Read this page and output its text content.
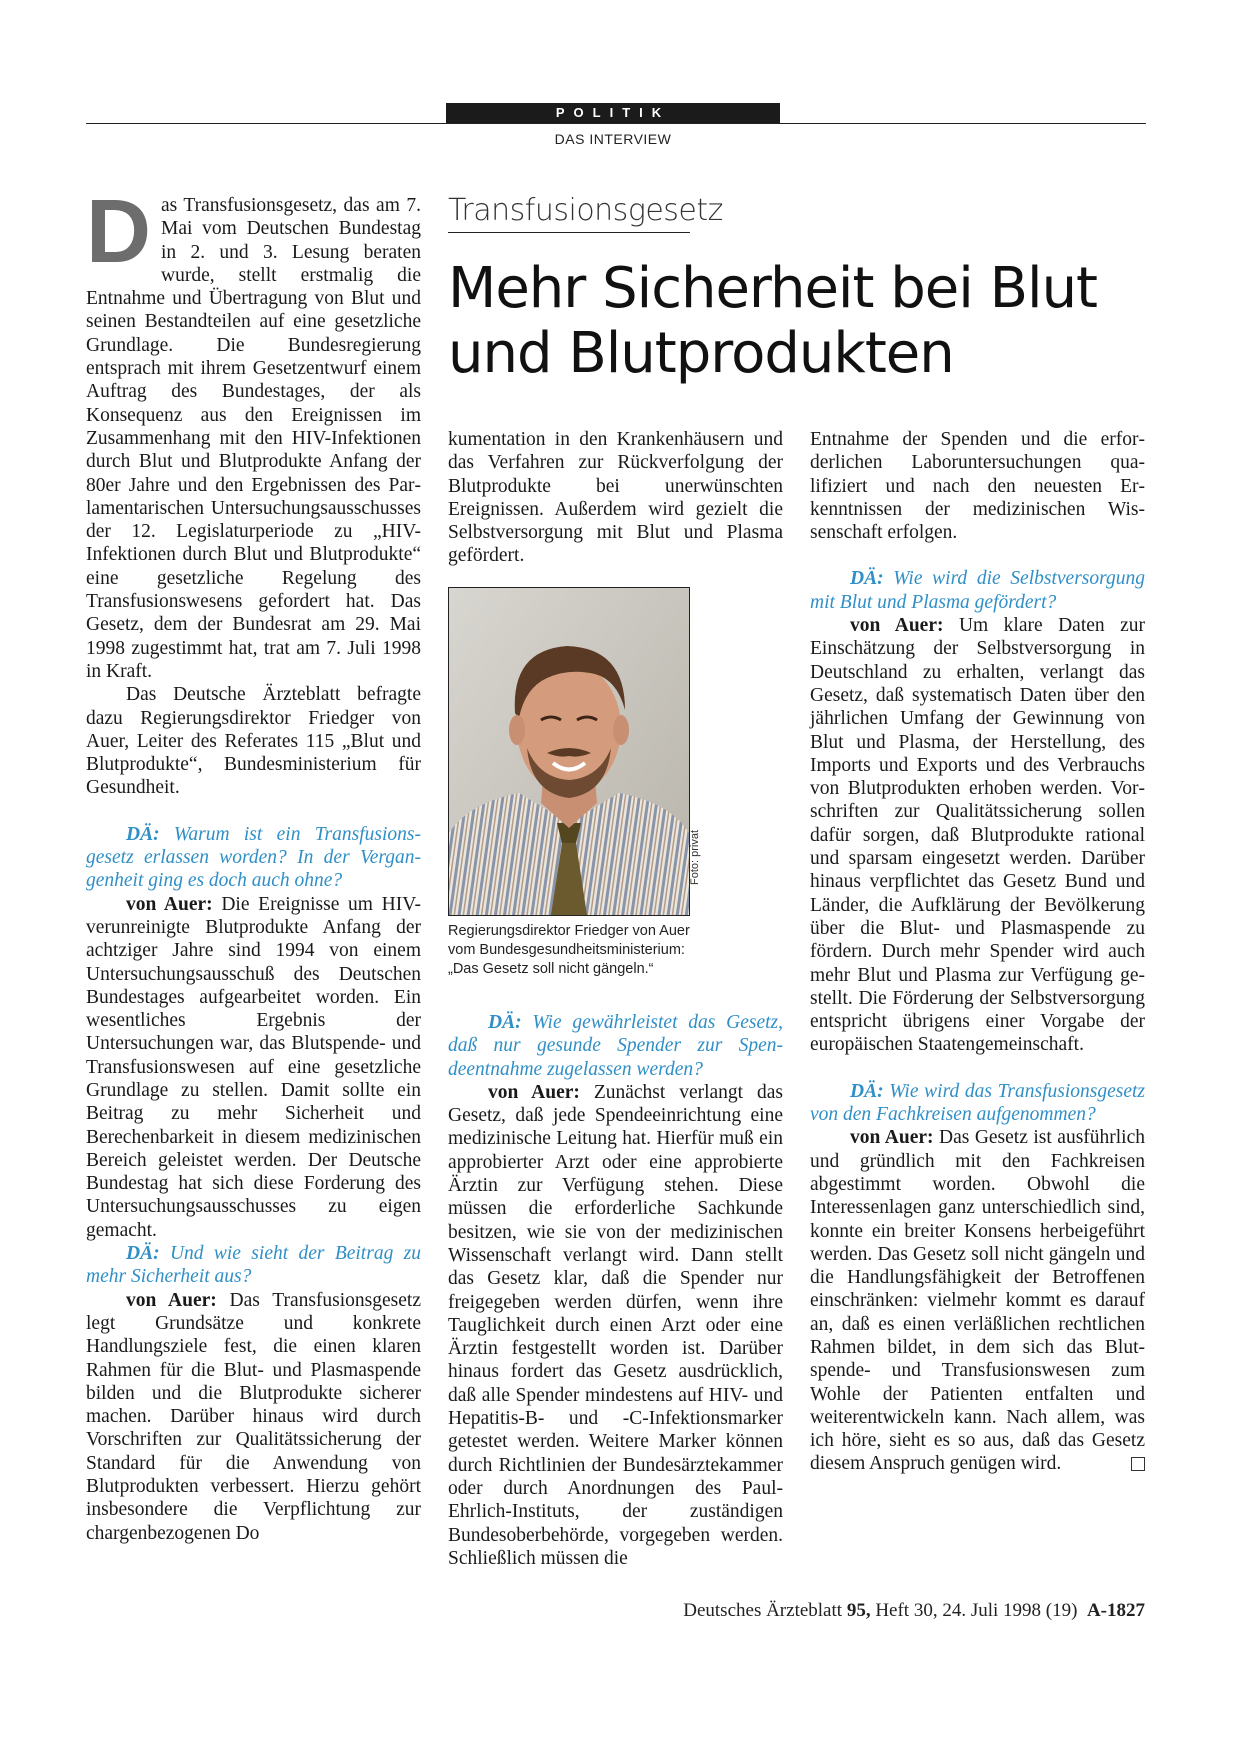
POLITIK
DAS INTERVIEW
Transfusionsgesetz
Mehr Sicherheit bei Blut
und Blutprodukten

Das Transfusionsgesetz, das am 7. Mai vom Deutschen Bundestag in 2. und 3. Lesung beraten wurde, stellt erstmalig die Entnahme und Übertragung von Blut und seinen Bestandteilen auf eine gesetzliche Grundlage. Die Bundesregierung entsprach mit ihrem Gesetzentwurf einem Auftrag des Bundestages, der als Konsequenz aus den Ereignissen im Zusammenhang mit den HIV-Infektionen durch Blut und Blutprodukte Anfang der 80er Jahre und den Ergebnissen des Parlamentarischen Untersuchungsausschusses der 12. Legislaturperiode zu „HIV-Infektionen durch Blut und Blutprodukte“ eine gesetzliche Regelung des Transfusionswesens gefordert hat. Das Gesetz, dem der Bundesrat am 29. Mai 1998 zugestimmt hat, trat am 7. Juli 1998 in Kraft.

Das Deutsche Ärzteblatt befragte dazu Regierungsdirektor Friedger von Auer, Leiter des Referates 115 „Blut und Blutprodukte“, Bundesministerium für Gesundheit.

DÄ: Warum ist ein Transfusionsgesetz erlassen worden? In der Vergangenheit ging es doch auch ohne?

von Auer: Die Ereignisse um HIV-verunreinigte Blutprodukte Anfang der achtziger Jahre sind 1994 von einem Untersuchungsausschuß des Deutschen Bundestages aufgearbeitet worden. Ein wesentliches Ergebnis der Untersuchungen war, das Blutspende- und Transfusionswesen auf eine gesetzliche Grundlage zu stellen. Damit sollte ein Beitrag zu mehr Sicherheit und Berechenbarkeit in diesem medizinischen Bereich geleistet werden. Der Deutsche Bundestag hat sich diese Forderung des Untersuchungsausschusses zu eigen gemacht.

DÄ: Und wie sieht der Beitrag zu mehr Sicherheit aus?

von Auer: Das Transfusionsgesetz legt Grundsätze und konkrete Handlungsziele fest, die einen klaren Rahmen für die Blut- und Plasmaspende bilden und die Blutprodukte sicherer machen. Darüber hinaus wird durch Vorschriften zur Qualitätssicherung der Standard für die Anwendung von Blutprodukten verbessert. Hierzu gehört insbesondere die Verpflichtung zur chargenbezogenen Do

kumentation in den Krankenhäusern und das Verfahren zur Rückverfolgung der Blutprodukte bei unerwünschten Ereignissen. Außerdem wird gezielt die Selbstversorgung mit Blut und Plasma gefördert.

Foto: privat
Regierungsdirektor Friedger von Auer
vom Bundesgesundheitsministerium:
„Das Gesetz soll nicht gängeln.“

DÄ: Wie gewährleistet das Gesetz, daß nur gesunde Spender zur Spendeentnahme zugelassen werden?

von Auer: Zunächst verlangt das Gesetz, daß jede Spendeeinrichtung eine medizinische Leitung hat. Hierfür muß ein approbierter Arzt oder eine approbierte Ärztin zur Verfügung stehen. Diese müssen die erforderliche Sachkunde besitzen, wie sie von der medizinischen Wissenschaft verlangt wird. Dann stellt das Gesetz klar, daß die Spender nur freigegeben werden dürfen, wenn ihre Tauglichkeit durch einen Arzt oder eine Ärztin festgestellt worden ist. Darüber hinaus fordert das Gesetz ausdrücklich, daß alle Spender mindestens auf HIV- und Hepatitis-B- und -C-Infektionsmarker getestet werden. Weitere Marker können durch Richtlinien der Bundesärztekammer oder durch Anordnungen des Paul-Ehrlich-Instituts, der zuständigen Bundesoberbehörde, vorgegeben werden. Schließlich müssen die

Entnahme der Spenden und die erforderlichen Laboruntersuchungen qualifiziert und nach den neuesten Erkenntnissen der medizinischen Wissenschaft erfolgen.

DÄ: Wie wird die Selbstversorgung mit Blut und Plasma gefördert?

von Auer: Um klare Daten zur Einschätzung der Selbstversorgung in Deutschland zu erhalten, verlangt das Gesetz, daß systematisch Daten über den jährlichen Umfang der Gewinnung von Blut und Plasma, der Herstellung, des Imports und Exports und des Verbrauchs von Blutprodukten erhoben werden. Vorschriften zur Qualitätssicherung sollen dafür sorgen, daß Blutprodukte rational und sparsam eingesetzt werden. Darüber hinaus verpflichtet das Gesetz Bund und Länder, die Aufklärung der Bevölkerung über die Blut- und Plasmaspende zu fördern. Durch mehr Spender wird auch mehr Blut und Plasma zur Verfügung gestellt. Die Förderung der Selbstversorgung entspricht übrigens einer Vorgabe der europäischen Staatengemeinschaft.

DÄ: Wie wird das Transfusionsgesetz von den Fachkreisen aufgenommen?

von Auer: Das Gesetz ist ausführlich und gründlich mit den Fachkreisen abgestimmt worden. Obwohl die Interessenlagen ganz unterschiedlich sind, konnte ein breiter Konsens herbeigeführt werden. Das Gesetz soll nicht gängeln und die Handlungsfähigkeit der Betroffenen einschränken: vielmehr kommt es darauf an, daß es einen verläßlichen rechtlichen Rahmen bildet, in dem sich das Blutspende- und Transfusionswesen zum Wohle der Patienten entfalten und weiterentwickeln kann. Nach allem, was ich höre, sieht es so aus, daß das Gesetz diesem Anspruch genügen wird.

Deutsches Ärzteblatt 95, Heft 30, 24. Juli 1998 (19) A-1827
